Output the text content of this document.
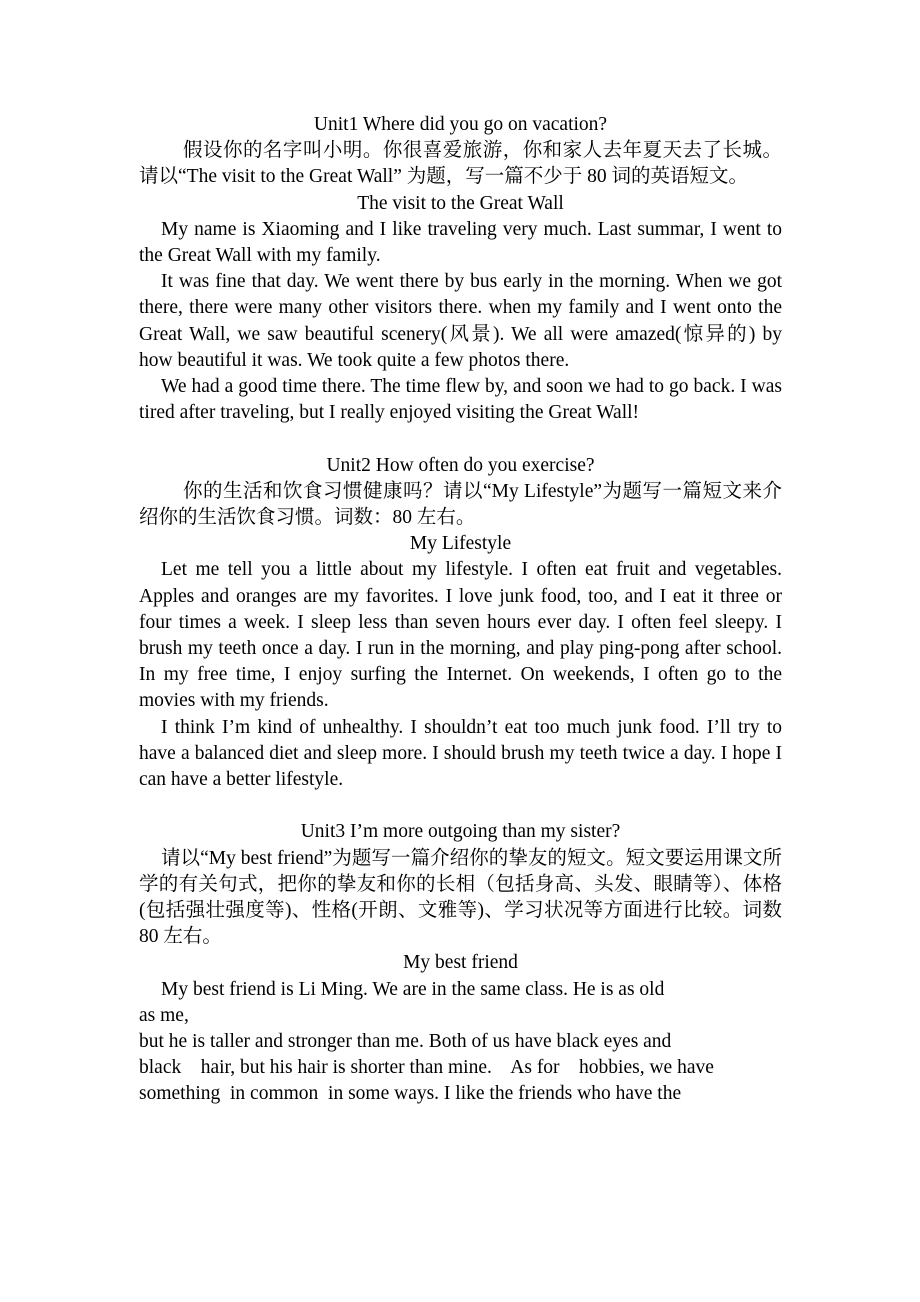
Unit1 Where did you go on vacation?

假设你的名字叫小明。你很喜爱旅游，你和家人去年夏天去了长城。请以“The visit to the Great Wall” 为题，写一篇不少于 80 词的英语短文。

The visit to the Great Wall

My name is Xiaoming and I like traveling very much. Last summar, I went to the Great Wall with my family.

It was fine that day. We went there by bus early in the morning. When we got there, there were many other visitors there. when my family and I went onto the Great Wall, we saw beautiful scenery(风景). We all were amazed(惊异的) by how beautiful it was. We took quite a few photos there.

We had a good time there. The time flew by, and soon we had to go back. I was tired after traveling, but I really enjoyed visiting the Great Wall!

Unit2 How often do you exercise?

你的生活和饮食习惯健康吗？请以“My Lifestyle”为题写一篇短文来介绍你的生活饮食习惯。词数：80 左右。

My Lifestyle

Let me tell you a little about my lifestyle. I often eat fruit and vegetables. Apples and oranges are my favorites. I love junk food, too, and I eat it three or four times a week. I sleep less than seven hours ever day. I often feel sleepy. I brush my teeth once a day. I run in the morning, and play ping-pong after school. In my free time, I enjoy surfing the Internet. On weekends, I often go to the movies with my friends.

I think I’m kind of unhealthy. I shouldn’t eat too much junk food. I’ll try to have a balanced diet and sleep more. I should brush my teeth twice a day. I hope I can have a better lifestyle.

Unit3 I’m more outgoing than my sister?

请以“My best friend”为题写一篇介绍你的挚友的短文。短文要运用课文所学的有关句式，把你的挚友和你的长相（包括身高、头发、眼睛等）、体格(包括强壮强度等)、性格(开朗、文雅等)、学习状况等方面进行比较。词数 80 左右。

My best friend

My best friend is Li Ming. We are in the same class. He is as old

as me,

but he is taller and stronger than me. Both of us have black eyes and

black    hair, but his hair is shorter than mine.    As for    hobbies, we have

something  in common  in some ways. I like the friends who have the
